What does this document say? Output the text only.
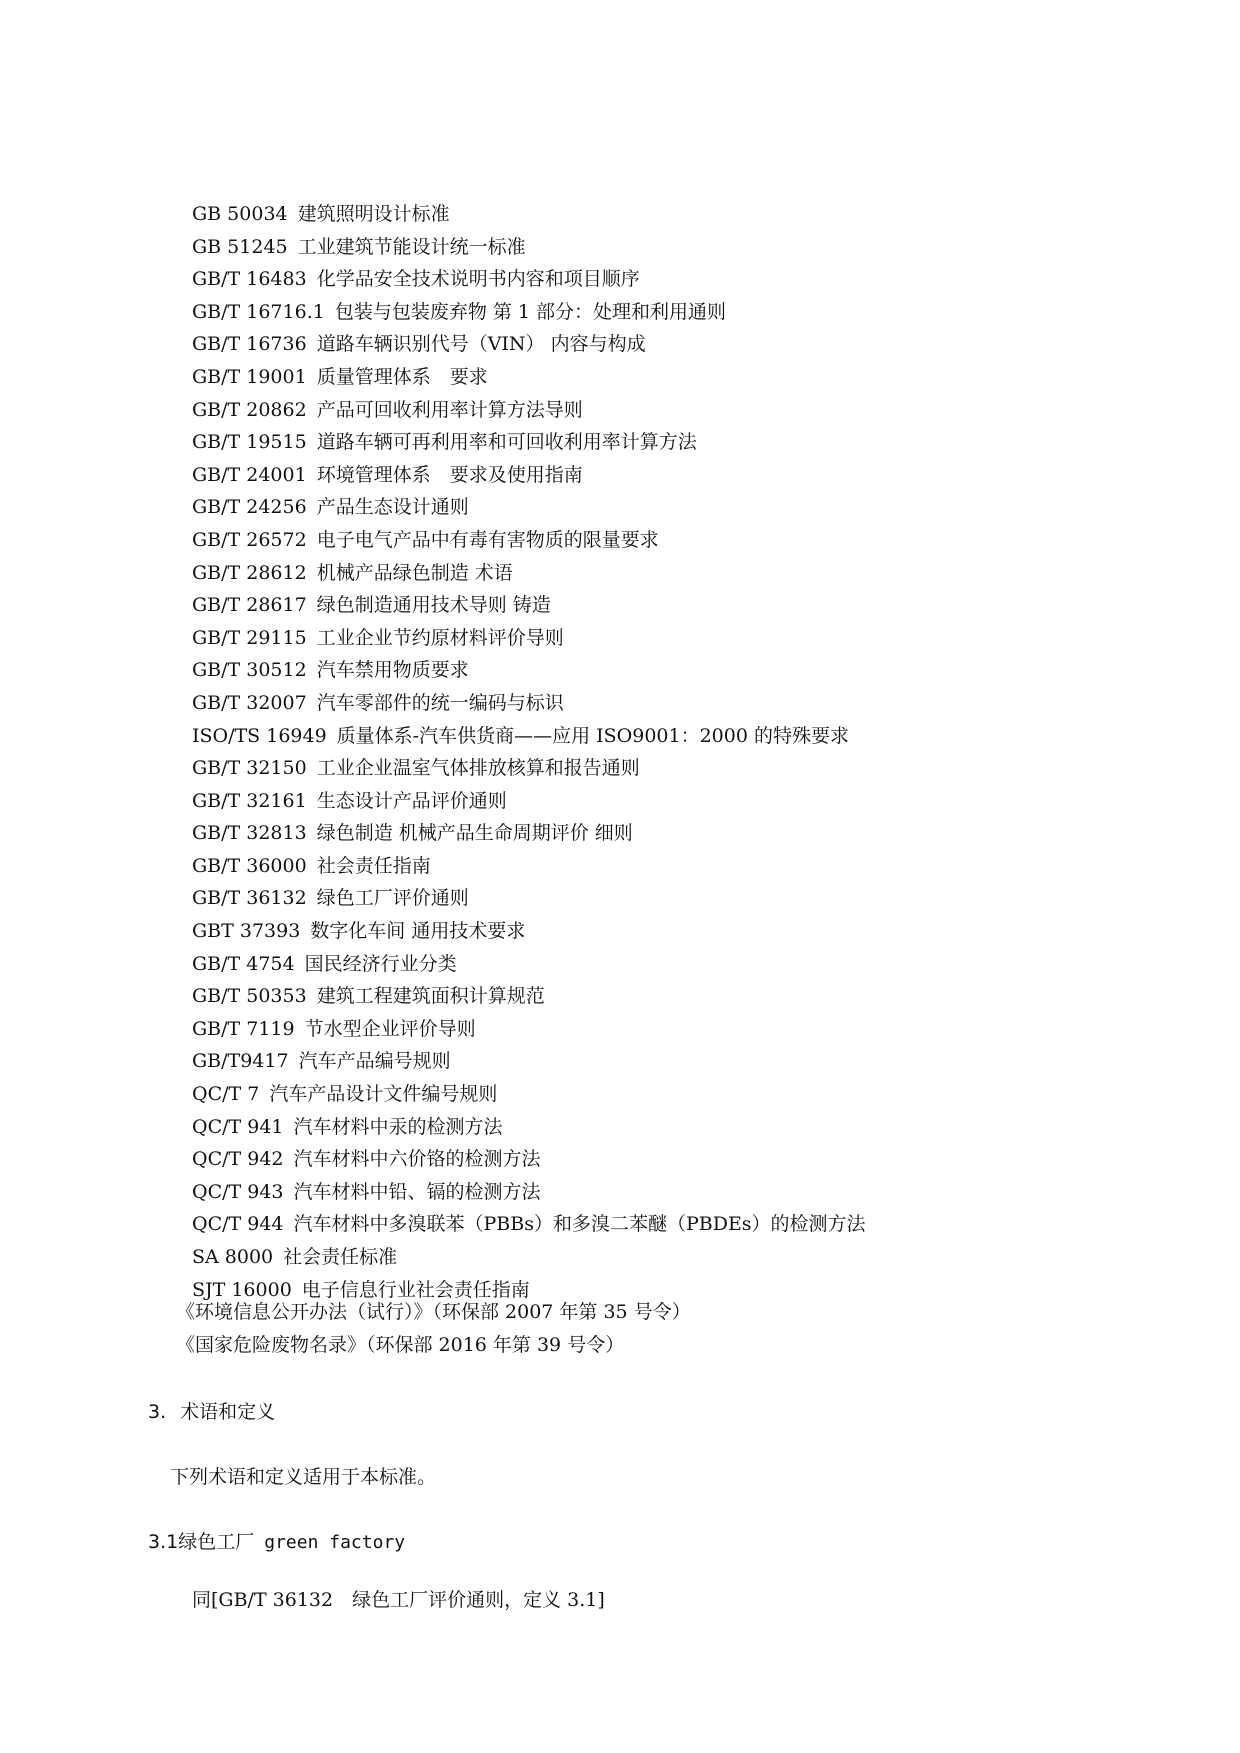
GB 50034 建筑照明设计标准
GB 51245 工业建筑节能设计统一标准
GB/T 16483 化学品安全技术说明书内容和项目顺序
GB/T 16716.1 包装与包装废弃物 第 1 部分：处理和利用通则
GB/T 16736 道路车辆识别代号（VIN） 内容与构成
GB/T 19001 质量管理体系　要求
GB/T 20862 产品可回收利用率计算方法导则
GB/T 19515 道路车辆可再利用率和可回收利用率计算方法
GB/T 24001 环境管理体系　要求及使用指南
GB/T 24256 产品生态设计通则
GB/T 26572 电子电气产品中有毒有害物质的限量要求
GB/T 28612 机械产品绿色制造 术语
GB/T 28617 绿色制造通用技术导则 铸造
GB/T 29115 工业企业节约原材料评价导则
GB/T 30512 汽车禁用物质要求
GB/T 32007 汽车零部件的统一编码与标识
ISO/TS 16949 质量体系-汽车供货商——应用 ISO9001：2000 的特殊要求
GB/T 32150 工业企业温室气体排放核算和报告通则
GB/T 32161 生态设计产品评价通则
GB/T 32813 绿色制造 机械产品生命周期评价 细则
GB/T 36000 社会责任指南
GB/T 36132 绿色工厂评价通则
GBT 37393 数字化车间 通用技术要求
GB/T 4754 国民经济行业分类
GB/T 50353 建筑工程建筑面积计算规范
GB/T 7119 节水型企业评价导则
GB/T9417 汽车产品编号规则
QC/T 7 汽车产品设计文件编号规则
QC/T 941 汽车材料中汞的检测方法
QC/T 942 汽车材料中六价铬的检测方法
QC/T 943 汽车材料中铅、镉的检测方法
QC/T 944 汽车材料中多溴联苯（PBBs）和多溴二苯醚（PBDEs）的检测方法
SA 8000 社会责任标准
SJT 16000 电子信息行业社会责任指南
《环境信息公开办法（试行）》（环保部 2007 年第 35 号令）
《国家危险废物名录》（环保部 2016 年第 39 号令）
3. 术语和定义
下列术语和定义适用于本标准。
3.1绿色工厂 green factory
同[GB/T 36132　绿色工厂评价通则，定义 3.1]
